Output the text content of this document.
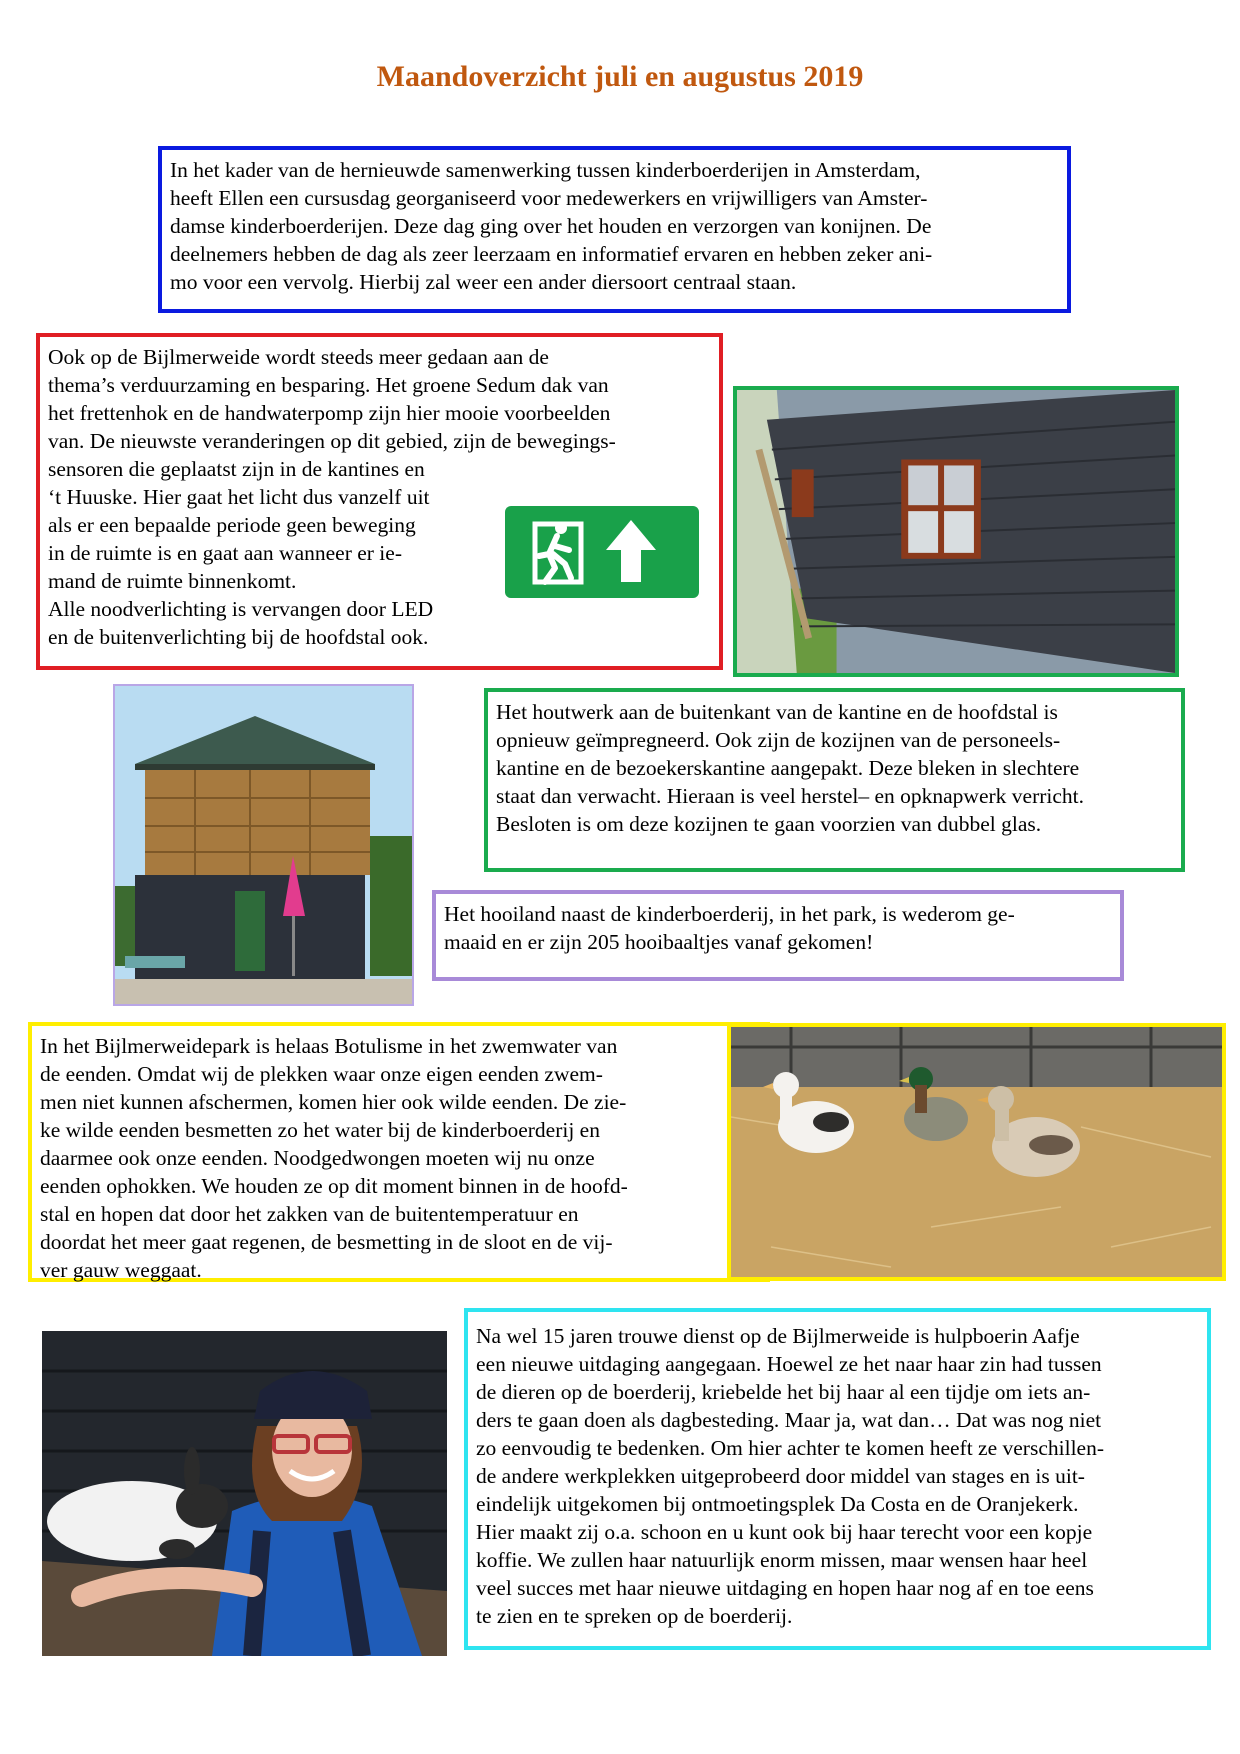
Maandoverzicht juli en augustus 2019

In het kader van de hernieuwde samenwerking tussen kinderboerderijen in Amsterdam,

heeft Ellen een cursusdag georganiseerd voor medewerkers en vrijwilligers van Amster-

damse kinderboerderijen. Deze dag ging over het houden en verzorgen van konijnen. De

deelnemers hebben de dag als zeer leerzaam en informatief ervaren en hebben zeker ani-

mo voor een vervolg. Hierbij zal weer een ander diersoort centraal staan.

Ook op de Bijlmerweide wordt steeds meer gedaan aan de

thema’s verduurzaming en besparing. Het groene Sedum dak van

het frettenhok en de handwaterpomp zijn hier mooie voorbeelden

van. De nieuwste veranderingen op dit gebied, zijn de bewegings-

sensoren die geplaatst zijn in de kantines en

‘t Huuske. Hier gaat het licht dus vanzelf uit

als er een bepaalde periode geen beweging

in de ruimte is en gaat aan wanneer er ie-

mand de ruimte binnenkomt.

Alle noodverlichting is vervangen door LED

en de buitenverlichting bij de hoofdstal ook.

Het houtwerk aan de buitenkant van de kantine en de hoofdstal is

opnieuw geïmpregneerd. Ook zijn de kozijnen van de personeels-

kantine en de bezoekerskantine aangepakt. Deze bleken in slechtere

staat dan verwacht. Hieraan is veel herstel– en opknapwerk verricht.

Besloten is om deze kozijnen te gaan voorzien van dubbel glas.

Het hooiland naast de kinderboerderij, in het park, is wederom ge-

maaid en er zijn 205 hooibaaltjes vanaf gekomen!

In het Bijlmerweidepark is helaas Botulisme in het zwemwater van

de eenden. Omdat wij de plekken waar onze eigen eenden zwem-

men niet kunnen afschermen, komen hier ook wilde eenden. De zie-

ke wilde eenden besmetten zo het water bij de kinderboerderij en

daarmee ook onze eenden. Noodgedwongen moeten wij nu onze

eenden ophokken. We houden ze op dit moment binnen in de hoofd-

stal en hopen dat door het zakken van de buitentemperatuur en

doordat het meer gaat regenen, de besmetting in de sloot en de vij-

ver gauw weggaat.

Na wel 15 jaren trouwe dienst op de Bijlmerweide is hulpboerin Aafje

een nieuwe uitdaging aangegaan. Hoewel ze het naar haar zin had tussen

de dieren op de boerderij, kriebelde het bij haar al een tijdje om iets an-

ders te gaan doen als dagbesteding. Maar ja, wat dan… Dat was nog niet

zo eenvoudig te bedenken. Om hier achter te komen heeft ze verschillen-

de andere werkplekken uitgeprobeerd door middel van stages en is uit-

eindelijk uitgekomen bij ontmoetingsplek Da Costa en de Oranjekerk.

Hier maakt zij o.a. schoon en u kunt ook bij haar terecht voor een kopje

koffie. We zullen haar natuurlijk enorm missen, maar wensen haar heel

veel succes met haar nieuwe uitdaging en hopen haar nog af en toe eens

te zien en te spreken op de boerderij.
